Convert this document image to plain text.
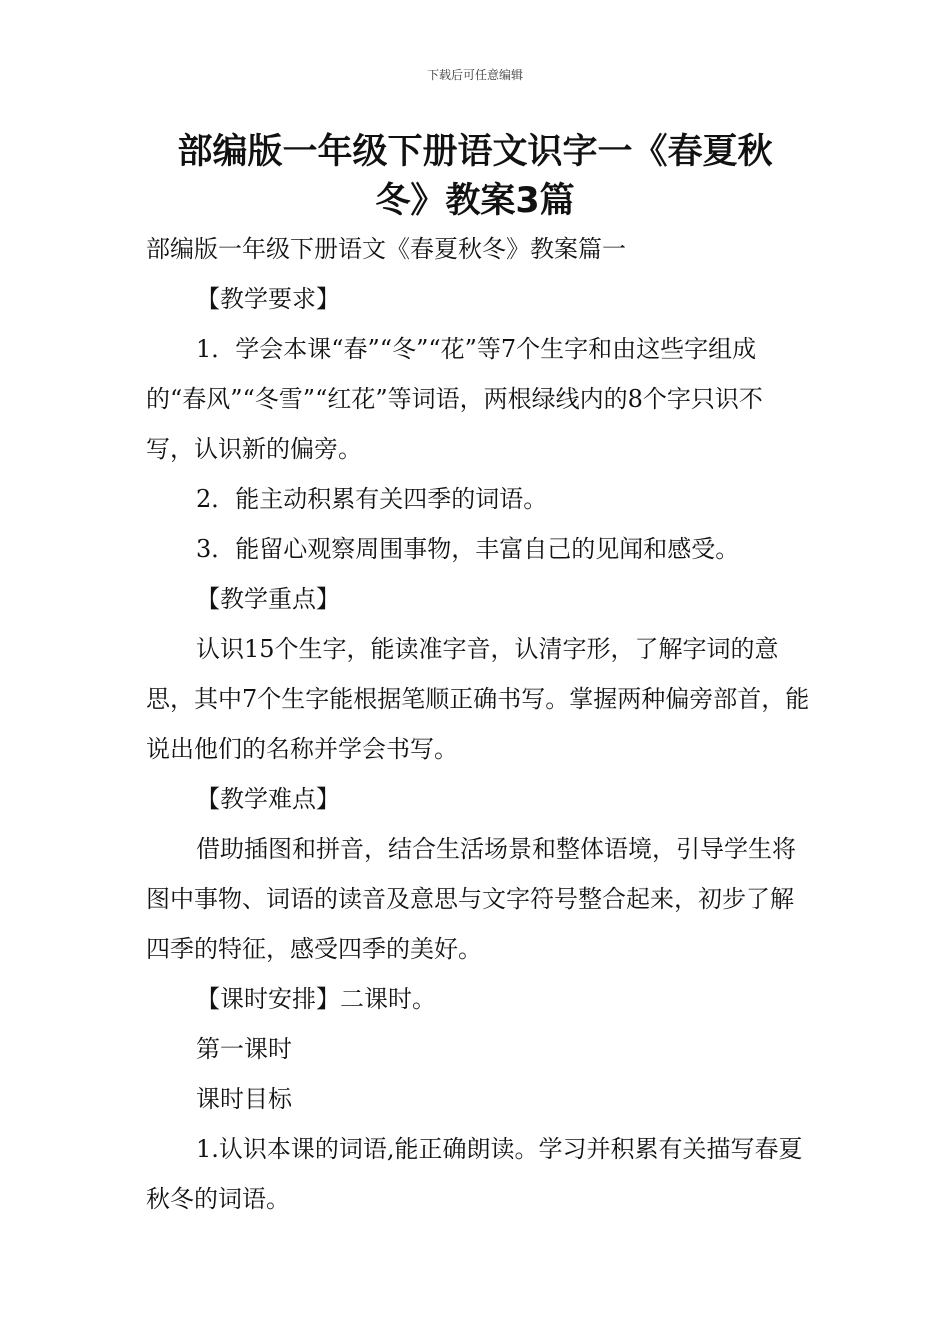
下载后可任意编辑
部编版一年级下册语文识字一《春夏秋
冬》教案3篇

部编版一年级下册语文《春夏秋冬》教案篇一

【教学要求】

1．学会本课“春”“冬”“花”等7个生字和由这些字组成的“春风”“冬雪”“红花”等词语，两根绿线内的8个字只识不写，认识新的偏旁。

2．能主动积累有关四季的词语。

3．能留心观察周围事物，丰富自己的见闻和感受。

【教学重点】

认识15个生字，能读准字音，认清字形，了解字词的意思，其中7个生字能根据笔顺正确书写。掌握两种偏旁部首，能说出他们的名称并学会书写。

【教学难点】

借助插图和拼音，结合生活场景和整体语境，引导学生将图中事物、词语的读音及意思与文字符号整合起来，初步了解四季的特征，感受四季的美好。

【课时安排】二课时。

第一课时

课时目标

1.认识本课的词语,能正确朗读。学习并积累有关描写春夏秋冬的词语。
